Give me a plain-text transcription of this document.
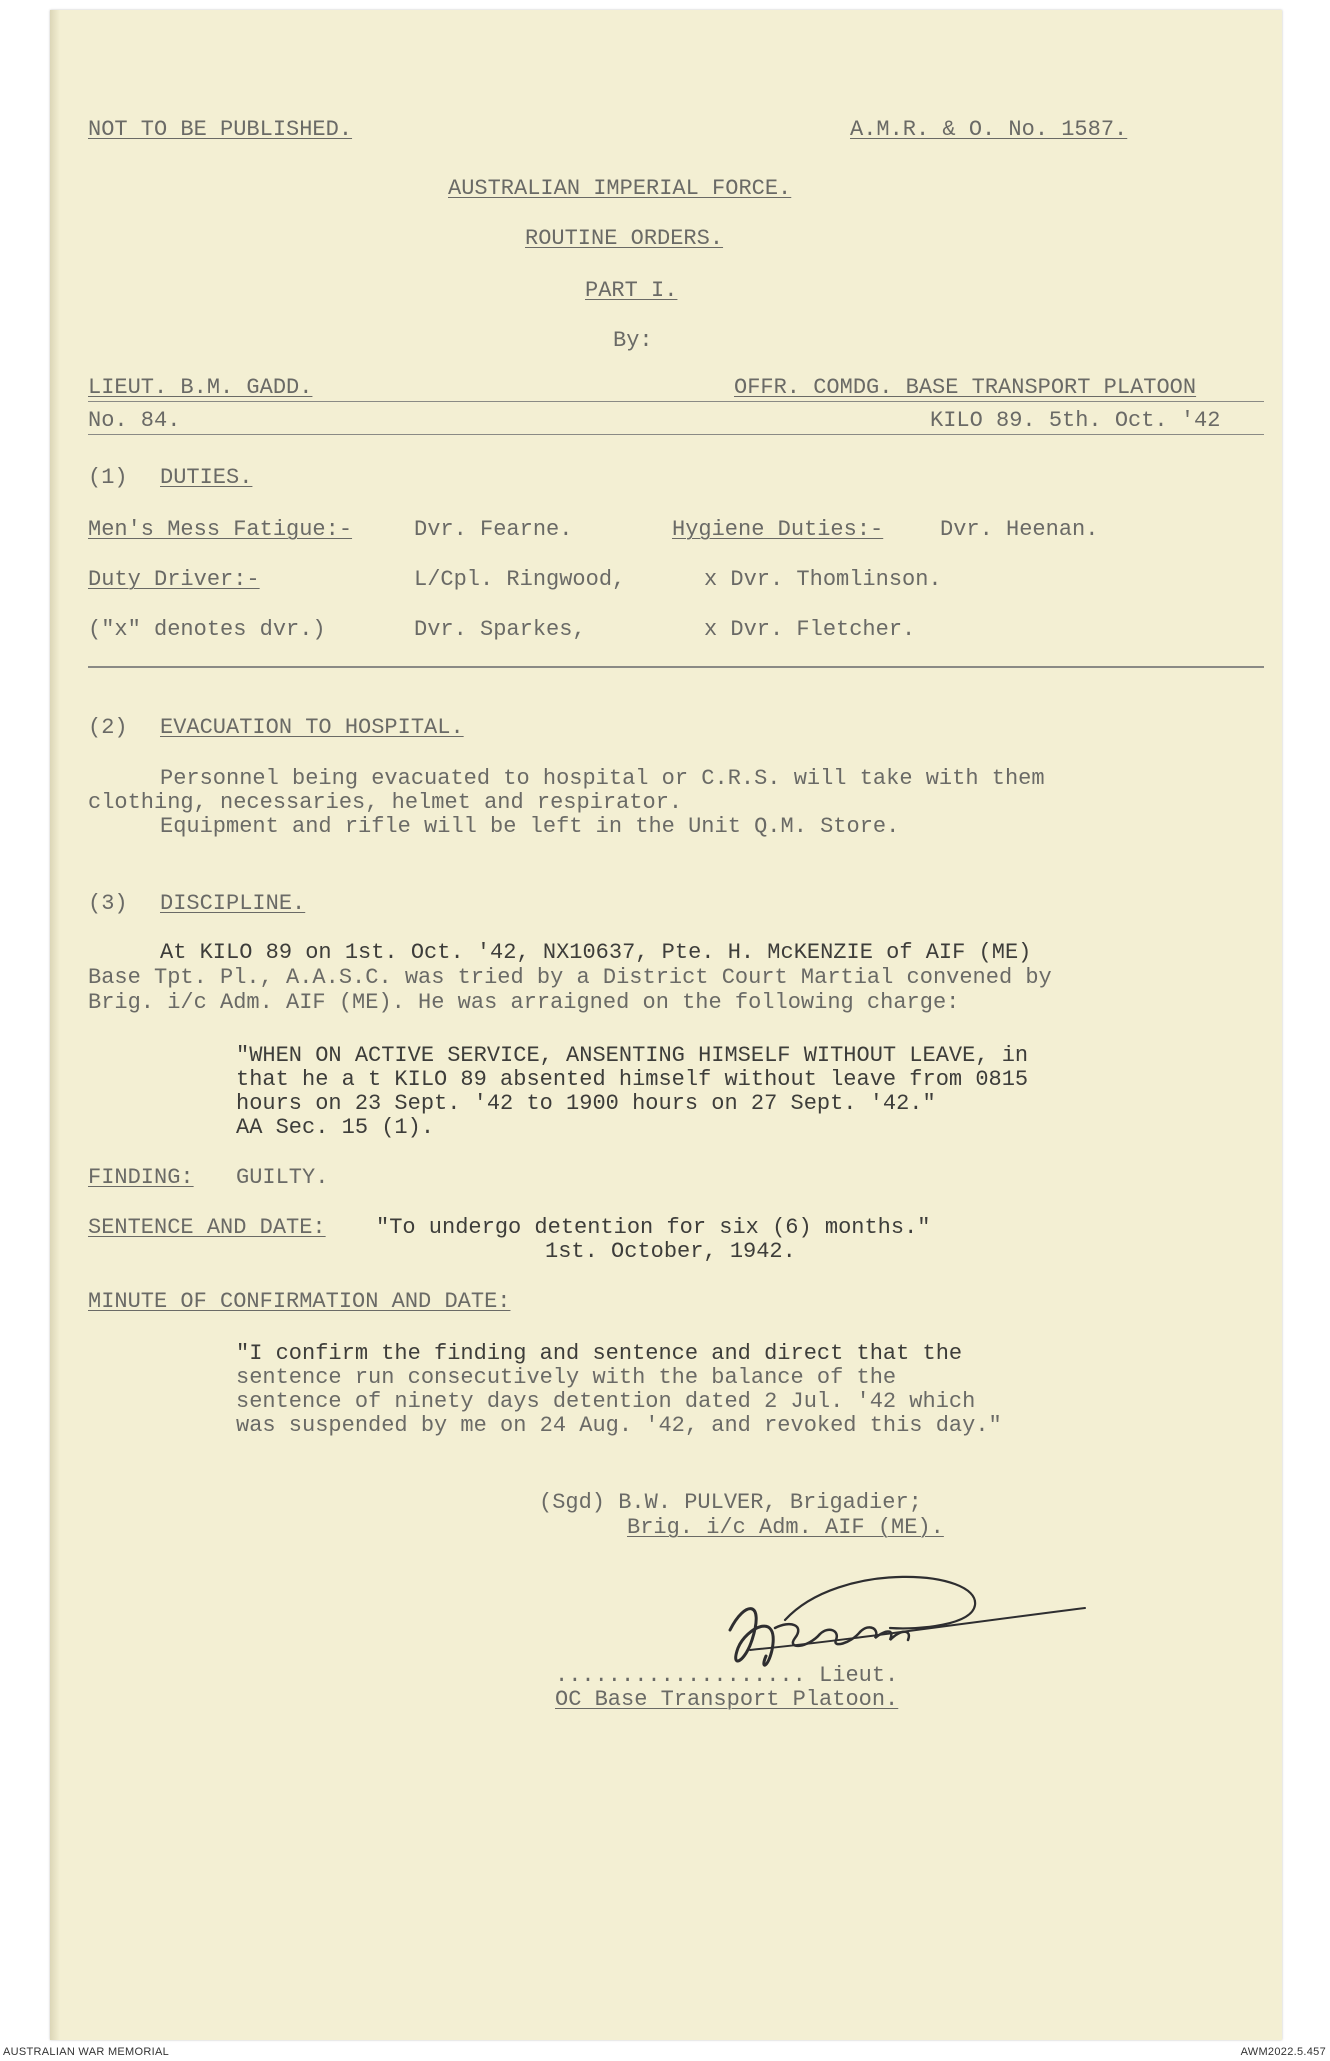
NOT TO BE PUBLISHED.	A.M.R. & O. No. 1587.
AUSTRALIAN IMPERIAL FORCE.
ROUTINE ORDERS.
PART I.
By:
LIEUT. B.M. GADD.	OFFR. COMDG. BASE TRANSPORT PLATOON
No. 84.	KILO 89. 5th. Oct. '42
(1) DUTIES.
Men's Mess Fatigue:-	Dvr. Fearne.	Hygiene Duties:-	Dvr. Heenan.
Duty Driver:-	L/Cpl. Ringwood,	x Dvr. Thomlinson.
("x" denotes dvr.)	Dvr. Sparkes,	x Dvr. Fletcher.
(2) EVACUATION TO HOSPITAL.
Personnel being evacuated to hospital or C.R.S. will take with them
clothing, necessaries, helmet and respirator.
Equipment and rifle will be left in the Unit Q.M. Store.
(3) DISCIPLINE.
At KILO 89 on 1st. Oct. '42, NX10637, Pte. H. McKENZIE of AIF (ME)
Base Tpt. Pl., A.A.S.C. was tried by a District Court Martial convened by
Brig. i/c Adm. AIF (ME). He was arraigned on the following charge:
"WHEN ON ACTIVE SERVICE, ANSENTING HIMSELF WITHOUT LEAVE, in
that he a t KILO 89 absented himself without leave from 0815
hours on 23 Sept. '42 to 1900 hours on 27 Sept. '42."
AA Sec. 15 (1).
FINDING: GUILTY.
SENTENCE AND DATE: "To undergo detention for six (6) months."
1st. October, 1942.
MINUTE OF CONFIRMATION AND DATE:
"I confirm the finding and sentence and direct that the
sentence run consecutively with the balance of the
sentence of ninety days detention dated 2 Jul. '42 which
was suspended by me on 24 Aug. '42, and revoked this day."
(Sgd) B.W. PULVER, Brigadier;
Brig. i/c Adm. AIF (ME).
................... Lieut.
OC Base Transport Platoon.
AUSTRALIAN WAR MEMORIAL	AWM2022.5.457
